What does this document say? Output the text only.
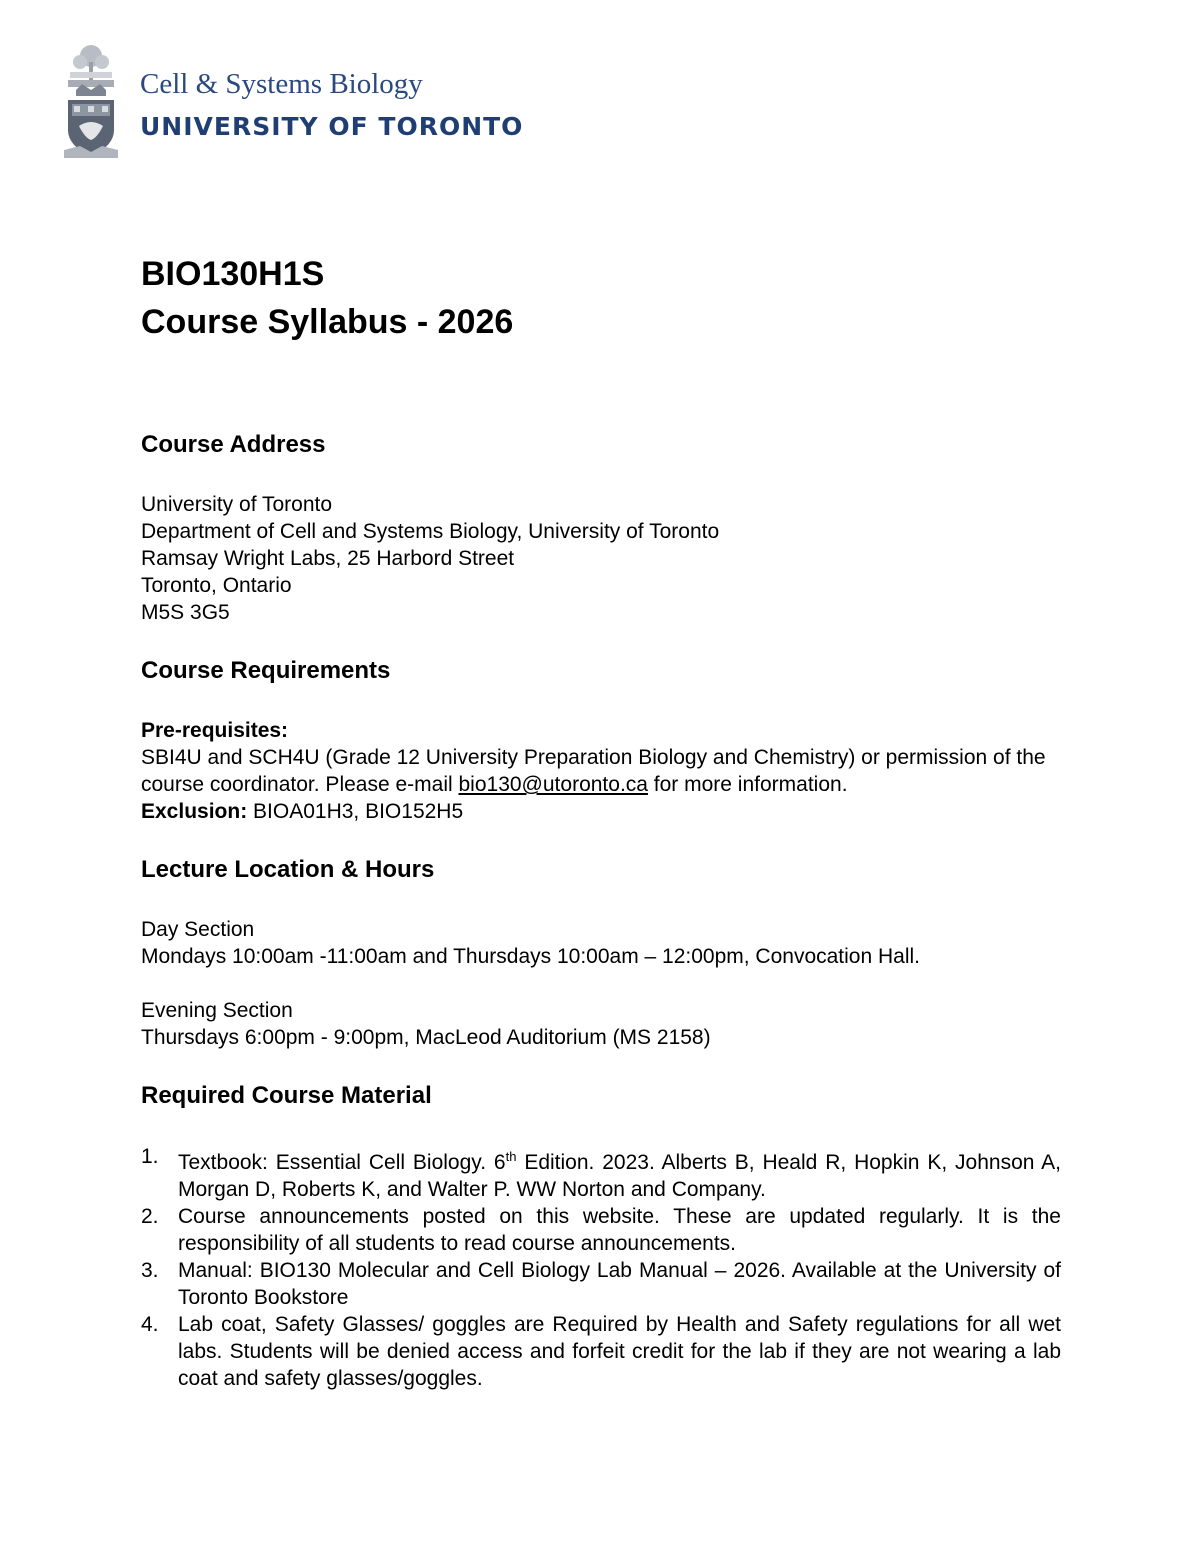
Cell & Systems Biology
UNIVERSITY OF TORONTO

BIO130H1S

Course Syllabus - 2026

Course Address
University of Toronto
Department of Cell and Systems Biology, University of Toronto
Ramsay Wright Labs, 25 Harbord Street
Toronto, Ontario
M5S 3G5
Course Requirements
Pre-requisites:

SBI4U and SCH4U (Grade 12 University Preparation Biology and Chemistry) or permission of the course coordinator. Please e-mail bio130@utoronto.ca for more information.

Exclusion: BIOA01H3, BIO152H5

Lecture Location & Hours
Day Section
Mondays 10:00am -11:00am and Thursdays 10:00am – 12:00pm, Convocation Hall.
Evening Section
Thursdays 6:00pm - 9:00pm, MacLeod Auditorium (MS 2158)
Required Course Material
1. Textbook: Essential Cell Biology. 6th Edition. 2023. Alberts B, Heald R, Hopkin K, Johnson A, Morgan D, Roberts K, and Walter P. WW Norton and Company.
2. Course announcements posted on this website. These are updated regularly. It is the responsibility of all students to read course announcements.
3. Manual: BIO130 Molecular and Cell Biology Lab Manual – 2026. Available at the University of Toronto Bookstore
4. Lab coat, Safety Glasses/ goggles are Required by Health and Safety regulations for all wet labs. Students will be denied access and forfeit credit for the lab if they are not wearing a lab coat and safety glasses/goggles.
